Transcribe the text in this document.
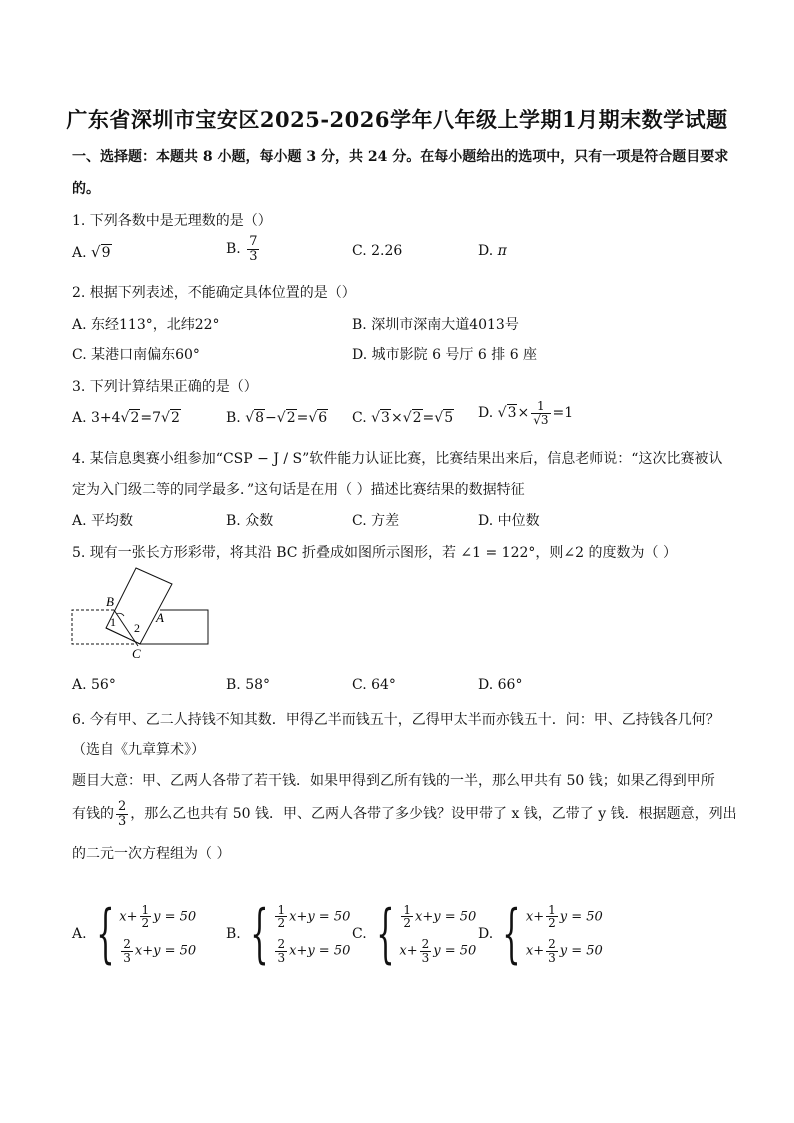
广东省深圳市宝安区2025-2026学年八年级上学期1月期末数学试题
一、选择题：本题共 8 小题，每小题 3 分，共 24 分。在每小题给出的选项中，只有一项是符合题目要求
的。
1. 下列各数中是无理数的是（）
A. √9	B. $\frac{7}{3}$	C. 2.26	D. π
2. 根据下列表述，不能确定具体位置的是（）
A. 东经113°，北纬22°	B. 深圳市深南大道4013号
C. 某港口南偏东60°	D. 城市影院 6 号厅 6 排 6 座
3. 下列计算结果正确的是（）
A. 3+4√2=7√2	B. √8−√2=√6 C. √3×√2=√5 D. $√3\times \frac{1}{√3} =1$
4. 某信息奥赛小组参加“CSP − J / S”软件能力认证比赛，比赛结果出来后，信息老师说：“这次比赛被认
定为入门级二等的同学最多．”这句话是在用（ ）描述比赛结果的数据特征
A. 平均数	B. 众数	C. 方差	D. 中位数
5. 现有一张长方形彩带，将其沿 BC 折叠成如图所示图形，若 ∠1 = 122°，则∠2 的度数为（ ）
B
1 2
A
C
A. 56°	B. 58°	C. 64°	D. 66°
6. 今有甲、乙二人持钱不知其数．甲得乙半而钱五十，乙得甲太半而亦钱五十．问：甲、乙持钱各几何？
（选自《九章算术》）
题目大意：甲、乙两人各带了若干钱．如果甲得到乙所有钱的一半，那么甲共有 50 钱；如果乙得到甲所
有钱的 $\frac{2}{3}$ ，那么乙也共有 50 钱．甲、乙两人各带了多少钱？设甲带了 x 钱，乙带了 y 钱．根据题意，列出
的二元一次方程组为（ ）
A. { $x+ \frac{1}{2}$ y = 50
$\frac{2}{3} x+y = 50$
B. { $\frac{1}{2} x+y = 50$
$\frac{2}{3} x+y = 50$
C. { $\frac{1}{2} x+y = 50$
$x+ \frac{2}{3}$ y = 50
D. { $x+ \frac{1}{2}$ y = 50
$x+ \frac{2}{3}$ y = 50
